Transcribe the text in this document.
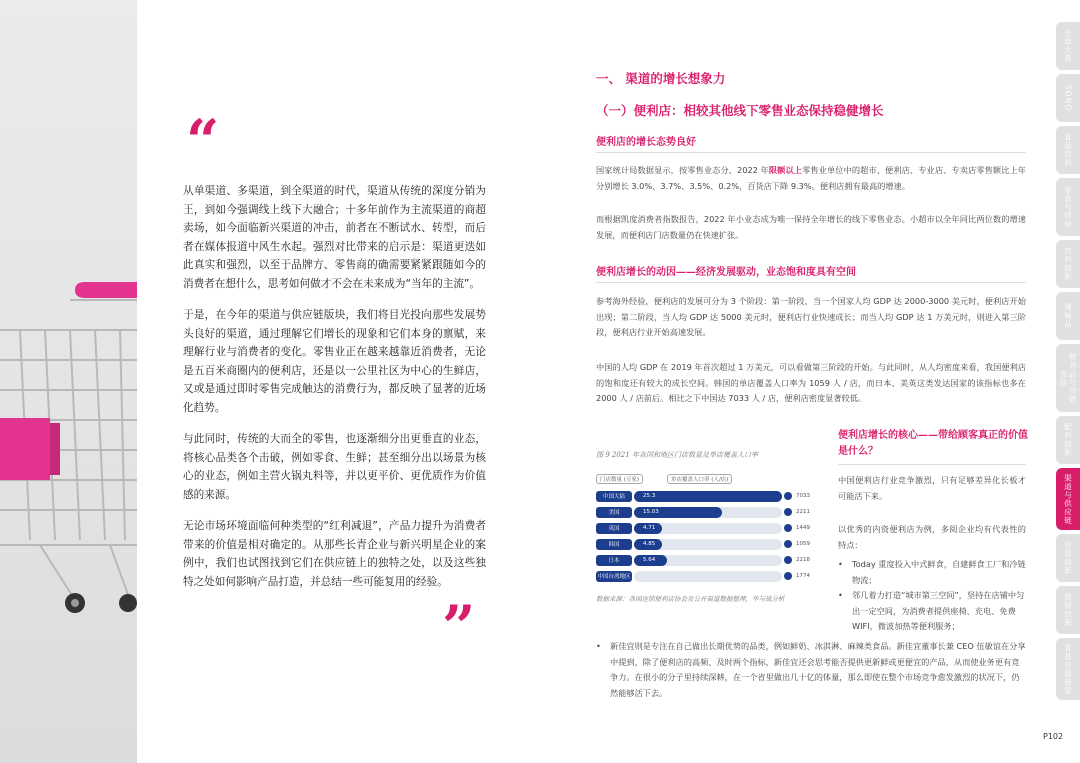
“

从单渠道、多渠道，到全渠道的时代，渠道从传统的深度分销为王，到如今强调线上线下大融合；十多年前作为主流渠道的商超卖场，如今面临新兴渠道的冲击，前者在不断试水、转型，而后者在媒体报道中风生水起。强烈对比带来的启示是：渠道更迭如此真实和强烈，以至于品牌方、零售商的确需要紧紧跟随如今的消费者在想什么，思考如何做才不会在未来成为“当年的主流”。

于是，在今年的渠道与供应链版块，我们将目光投向那些发展势头良好的渠道，通过理解它们增长的现象和它们本身的禀赋，来理解行业与消费者的变化。零售业正在越来越靠近消费者，无论是五百米商圈内的便利店，还是以一公里社区为中心的生鲜店，又或是通过即时零售完成触达的消费行为，都反映了显著的近场化趋势。

与此同时，传统的大而全的零售，也逐渐细分出更垂直的业态，将核心品类各个击破，例如零食、生鲜；甚至细分出以场景为核心的业态，例如主营火锅丸料等，并以更平价、更优质作为价值感的来源。

无论市场环境面临何种类型的“红利减退”，产品力提升为消费者带来的价值是相对确定的。从那些长青企业与新兴明星企业的案例中，我们也试图找到它们在供应链上的独特之处，以及这些独特之处如何影响产品打造，并总结一些可能复用的经验。

”
一、 渠道的增长想象力
（一）便利店：相较其他线下零售业态保持稳健增长
便利店的增长态势良好
国家统计局数据显示，按零售业态分，2022 年限额以上零售业单位中的超市、便利店、专业店、专卖店零售额比上年分别增长 3.0%、3.7%、3.5%、0.2%，百货店下降 9.3%。便利店拥有最高的增速。
而根据凯度消费者指数报告，2022 年小业态成为唯一保持全年增长的线下零售业态。小超市以全年同比两位数的增速发展，而便利店门店数量仍在快速扩张。
便利店增长的动因——经济发展驱动，业态饱和度具有空间
参考海外经验，便利店的发展可分为 3 个阶段：第一阶段，当一个国家人均 GDP 达 2000-3000 美元时，便利店开始出现；第二阶段，当人均 GDP 达 5000 美元时，便利店行业快速成长；而当人均 GDP 达 1 万美元时，则进入第三阶段，便利店行业开始高速发展。
中国的人均 GDP 在 2019 年首次超过 1 万美元，可以看做第三阶段的开始。与此同时，从人均密度来看，我国便利店的饱和度还有较大的成长空间。韩国的单店覆盖人口率为 1059 人 / 店，而日本、美英这类发达国家的该指标也多在 2000 人 / 店前后。相比之下中国达 7033 人 / 店，便利店密度显著较低。
便利店增长的核心——带给顾客真正的价值是什么？
中国便利店行业竞争激烈，只有足够差异化长板才可能活下来。
以优秀的内资便利店为例，多阅企业均有代表性的特点：
• Today 重度投入中式鲜食，自建鲜食工厂和冷链物流；
• 邻几着力打造“城市第三空间”，坚持在店铺中匀出一定空间，为消费者提供座椅、充电、免费 WIFI，微波加热等便利服务；
图 9 2021 年各国和地区门店数量及单店覆盖人口率
门店数量 (万家)	单店覆盖人口率 (人/店)
中国大陆	25.3	7033
美国	15.03	2211
英国	4.71	1449
韩国	4.85	1059
日本	5.64	2218
中国台湾地区	1774
数据来源：各国连锁便利店协会及公开渠道数据整理，华与战分析
• 新佳宜则是专注在自己做出长期优势的品类，例如鲜奶、冰淇淋、麻辣类食品。新佳宜董事长兼 CEO 伍敏谊在分享中提到，除了便利店的高频、及时两个指标，新佳宜还会思考能否提供更新鲜或更便宜的产品，从而使业务更有竞争力。在很小的分子里持续深耕，在一个省里做出几十亿的体量，那么即使在整个市场竞争愈发激烈的状况下，仍然能够活下去。
全球大势
SONO
食品饮料
零食与烘焙
饮料创新
调味品
营养品与功能食品
配料创新
渠道与供应链
包装创新
营销创新
食品包装展望
P102
